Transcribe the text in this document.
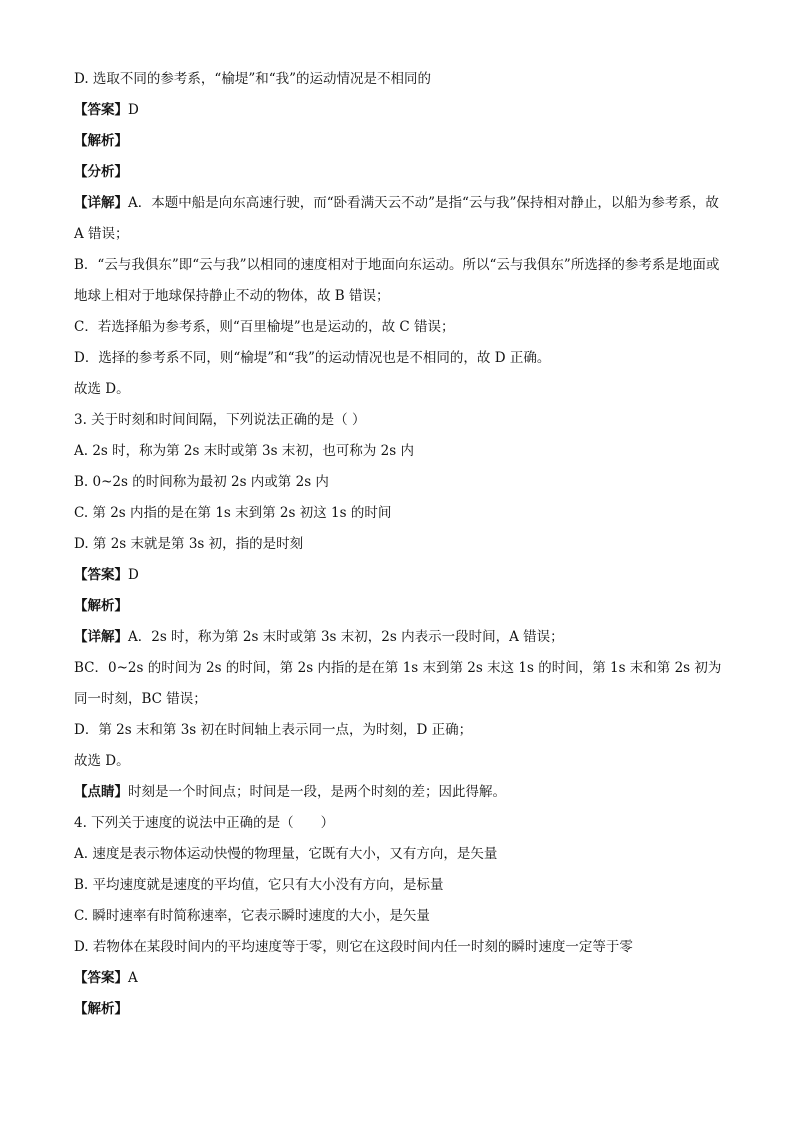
D. 选取不同的参考系，“榆堤”和“我”的运动情况是不相同的
【答案】D
【解析】
【分析】
【详解】A．本题中船是向东高速行驶，而“卧看满天云不动”是指“云与我”保持相对静止，以船为参考系，故 A 错误；
B．“云与我俱东”即“云与我”以相同的速度相对于地面向东运动。所以“云与我俱东”所选择的参考系是地面或地球上相对于地球保持静止不动的物体，故 B 错误；
C．若选择船为参考系，则“百里榆堤”也是运动的，故 C 错误；
D．选择的参考系不同，则“榆堤”和“我”的运动情况也是不相同的，故 D 正确。
故选 D。
3. 关于时刻和时间间隔，下列说法正确的是（ ）
A. 2s 时，称为第 2s 末时或第 3s 末初，也可称为 2s 内
B. 0~2s 的时间称为最初 2s 内或第 2s 内
C. 第 2s 内指的是在第 1s 末到第 2s 初这 1s 的时间
D. 第 2s 末就是第 3s 初，指的是时刻
【答案】D
【解析】
【详解】A．2s 时，称为第 2s 末时或第 3s 末初，2s 内表示一段时间，A 错误；
BC．0~2s 的时间为 2s 的时间，第 2s 内指的是在第 1s 末到第 2s 末这 1s 的时间，第 1s 末和第 2s 初为同一时刻，BC 错误；
D．第 2s 末和第 3s 初在时间轴上表示同一点，为时刻，D 正确；
故选 D。
【点睛】时刻是一个时间点；时间是一段，是两个时刻的差；因此得解。
4. 下列关于速度的说法中正确的是（　　）
A. 速度是表示物体运动快慢的物理量，它既有大小，又有方向，是矢量
B. 平均速度就是速度的平均值，它只有大小没有方向，是标量
C. 瞬时速率有时简称速率，它表示瞬时速度的大小，是矢量
D. 若物体在某段时间内的平均速度等于零，则它在这段时间内任一时刻的瞬时速度一定等于零
【答案】A
【解析】
